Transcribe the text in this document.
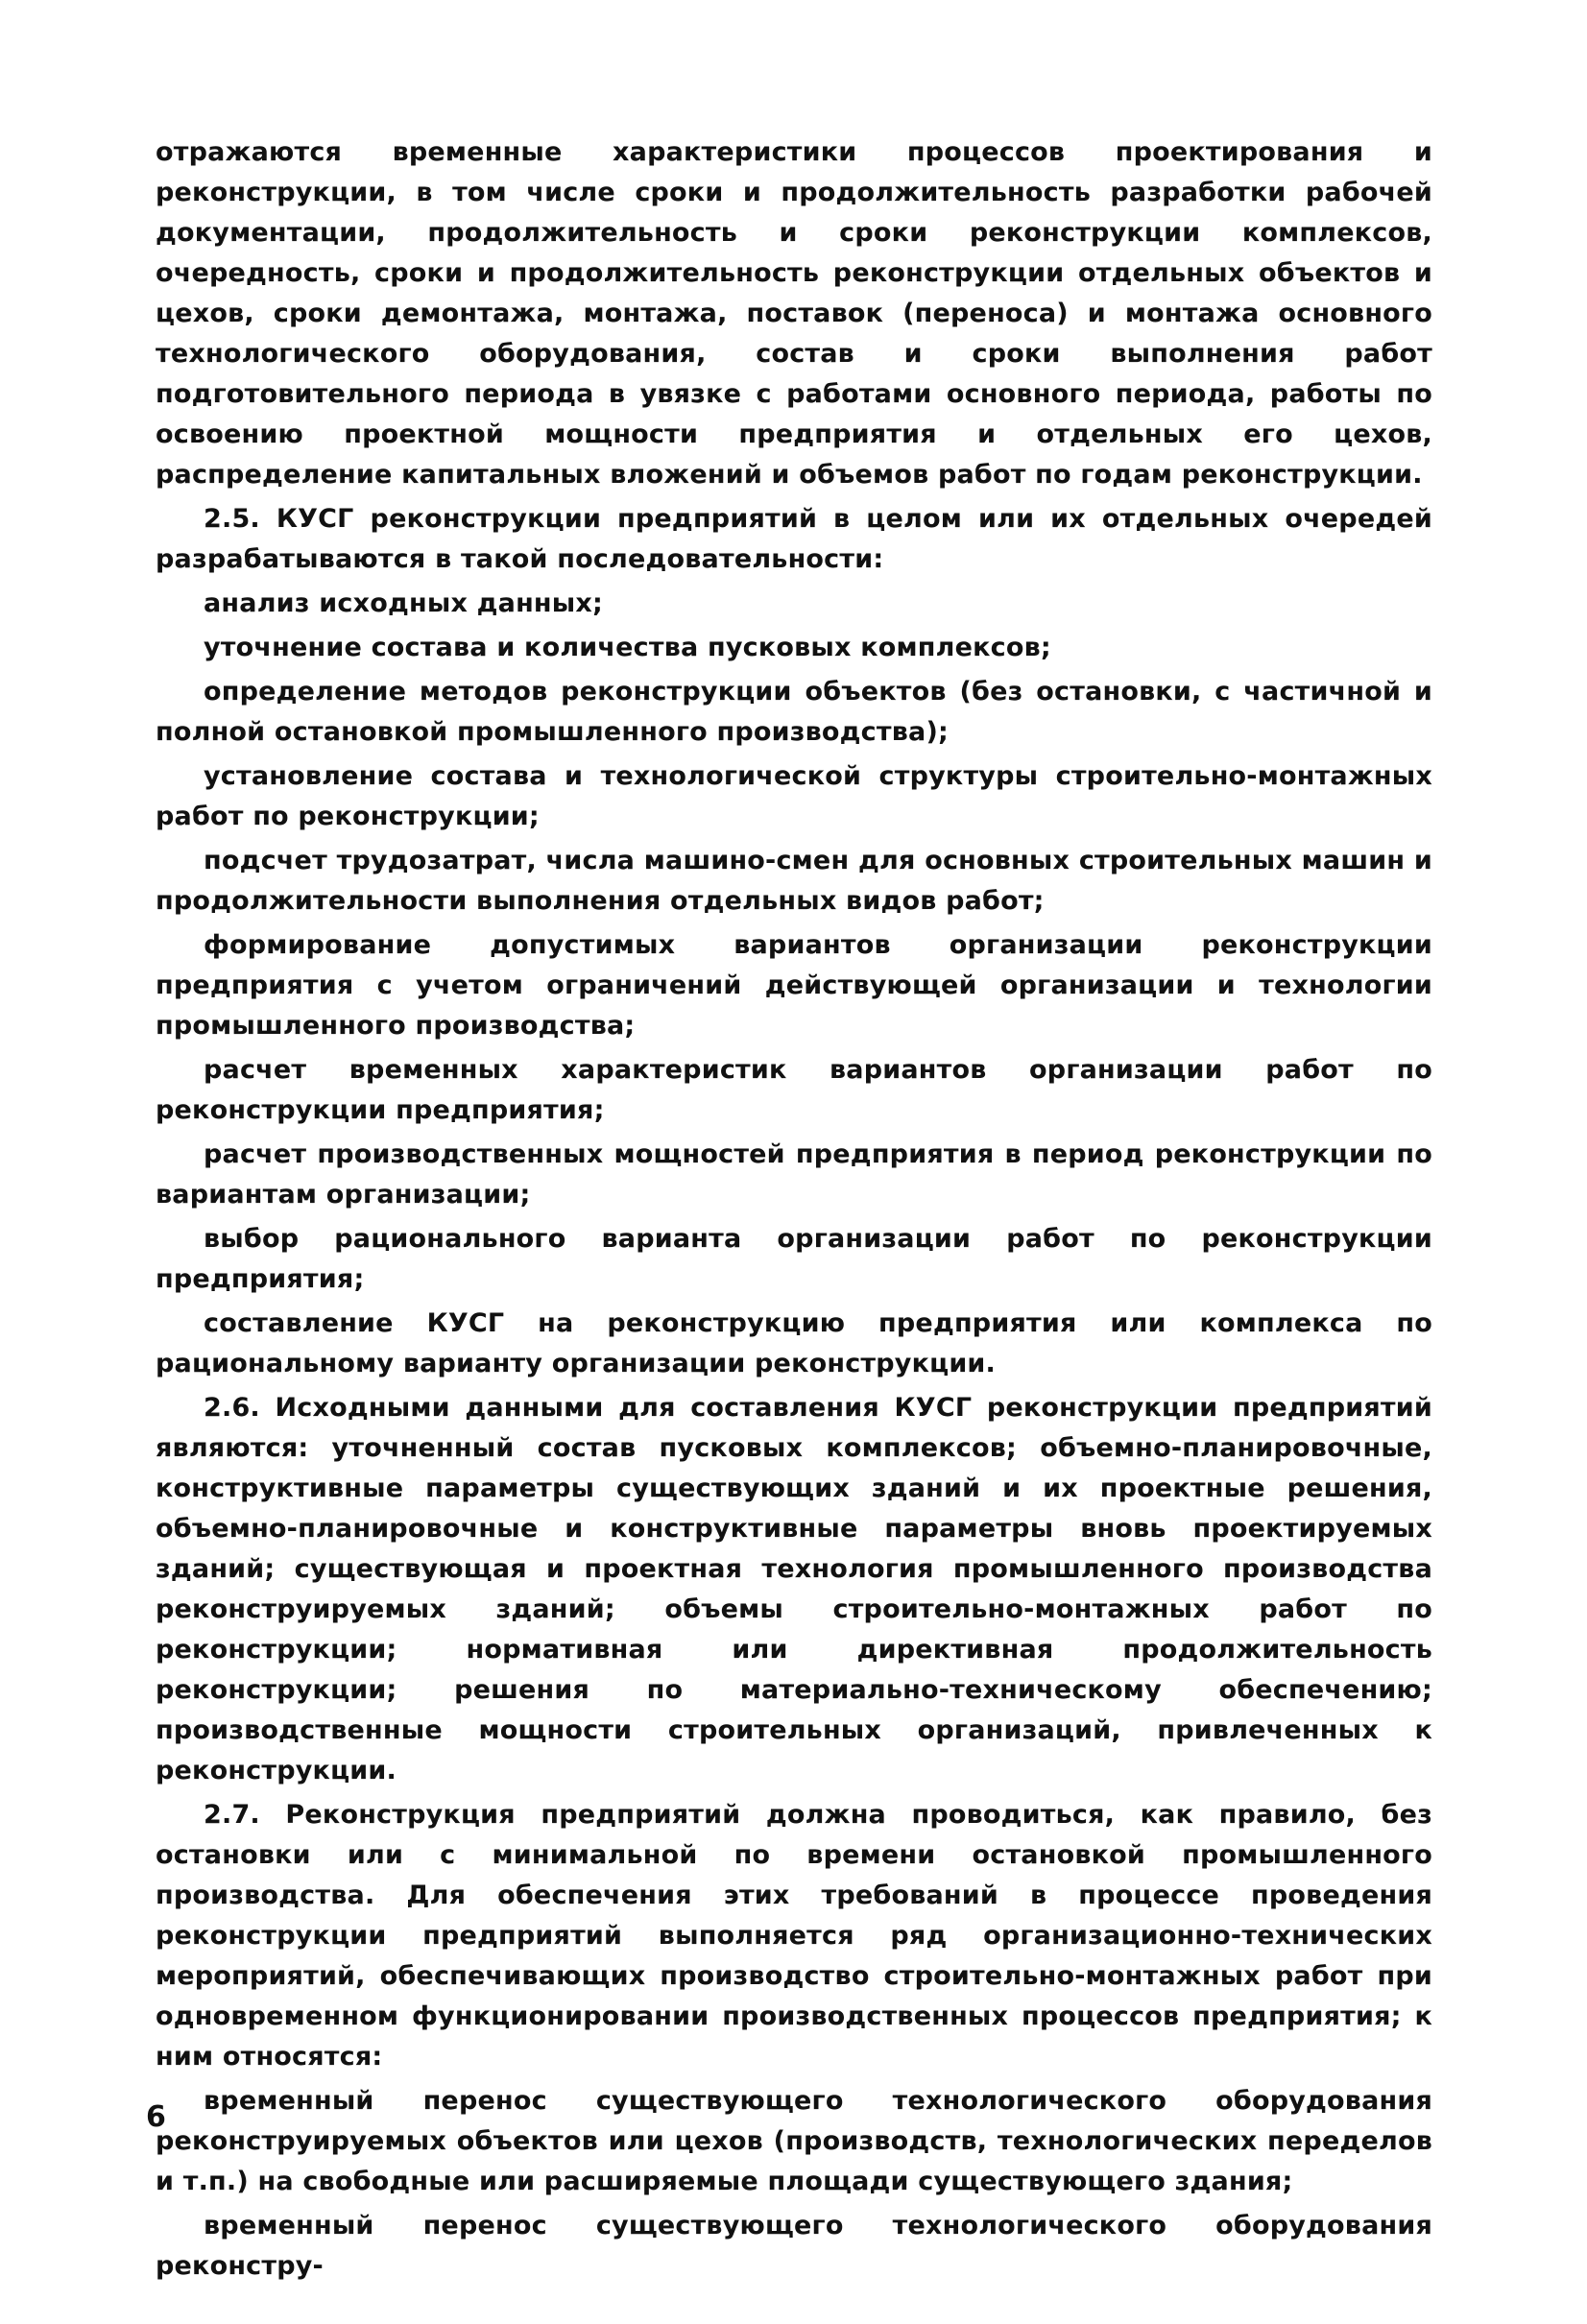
отражаются временные характеристики процессов проектирования и реконструкции, в том числе сроки и продолжительность разработки рабочей документации, продолжительность и сроки реконструкции комплексов, очередность, сроки и продолжительность реконструкции отдельных объектов и цехов, сроки демонтажа, монтажа, поставок (переноса) и монтажа основного технологического оборудования, состав и сроки выполнения работ подготовительного периода в увязке с работами основного периода, работы по освоению проектной мощности предприятия и отдельных его цехов, распределение капитальных вложений и объемов работ по годам реконструкции.

2.5. КУСГ реконструкции предприятий в целом или их отдельных очередей разрабатываются в такой последовательности:

анализ исходных данных;

уточнение состава и количества пусковых комплексов;

определение методов реконструкции объектов (без остановки, с частичной и полной остановкой промышленного производства);

установление состава и технологической структуры строительно-монтажных работ по реконструкции;

подсчет трудозатрат, числа машино-смен для основных строительных машин и продолжительности выполнения отдельных видов работ;

формирование допустимых вариантов организации реконструкции предприятия с учетом ограничений действующей организации и технологии промышленного производства;

расчет временных характеристик вариантов организации работ по реконструкции предприятия;

расчет производственных мощностей предприятия в период реконструкции по вариантам организации;

выбор рационального варианта организации работ по реконструкции предприятия;

составление КУСГ на реконструкцию предприятия или комплекса по рациональному варианту организации реконструкции.

2.6. Исходными данными для составления КУСГ реконструкции предприятий являются: уточненный состав пусковых комплексов; объемно-планировочные, конструктивные параметры существующих зданий и их проектные решения, объемно-планировочные и конструктивные параметры вновь проектируемых зданий; существующая и проектная технология промышленного производства реконструируемых зданий; объемы строительно-монтажных работ по реконструкции; нормативная или директивная продолжительность реконструкции; решения по материально-техническому обеспечению; производственные мощности строительных организаций, привлеченных к реконструкции.

2.7. Реконструкция предприятий должна проводиться, как правило, без остановки или с минимальной по времени остановкой промышленного производства. Для обеспечения этих требований в процессе проведения реконструкции предприятий выполняется ряд организационно-технических мероприятий, обеспечивающих производство строительно-монтажных работ при одновременном функционировании производственных процессов предприятия; к ним относятся:

временный перенос существующего технологического оборудования реконструируемых объектов или цехов (производств, технологических переделов и т.п.) на свободные или расширяемые площади существующего здания;

временный перенос существующего технологического оборудования реконстру-

6
